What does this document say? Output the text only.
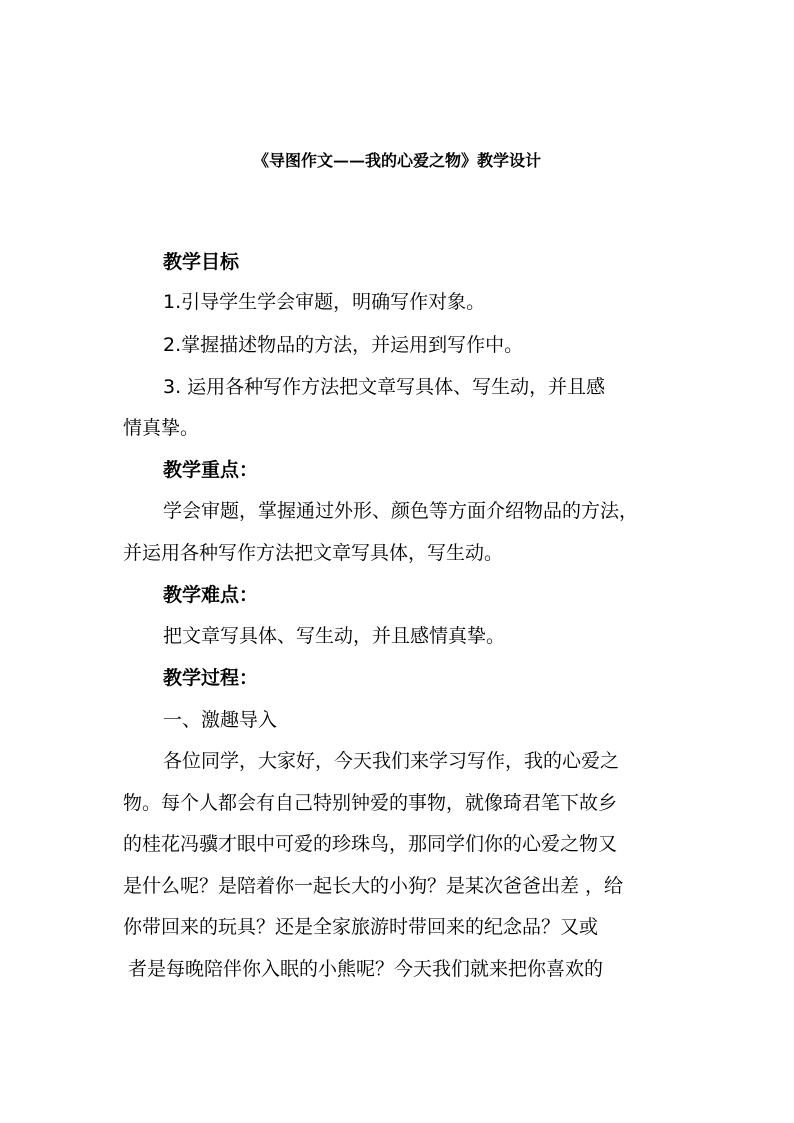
《导图作文——我的心爱之物》教学设计

教学目标

1.引导学生学会审题，明确写作对象。

2.掌握描述物品的方法，并运用到写作中。

3. 运用各种写作方法把文章写具体、写生动，并且感

情真挚。

教学重点：

学会审题，掌握通过外形、颜色等方面介绍物品的方法，

并运用各种写作方法把文章写具体，写生动。

教学难点：

把文章写具体、写生动，并且感情真挚。

教学过程：

一、激趣导入

各位同学，大家好，今天我们来学习写作，我的心爱之

物。每个人都会有自己特别钟爱的事物，就像琦君笔下故乡

的桂花冯骥才眼中可爱的珍珠鸟，那同学们你的心爱之物又

是什么呢？是陪着你一起长大的小狗？是某次爸爸出差 ，给

你带回来的玩具？还是全家旅游时带回来的纪念品？又或

者是每晚陪伴你入眠的小熊呢？今天我们就来把你喜欢的
